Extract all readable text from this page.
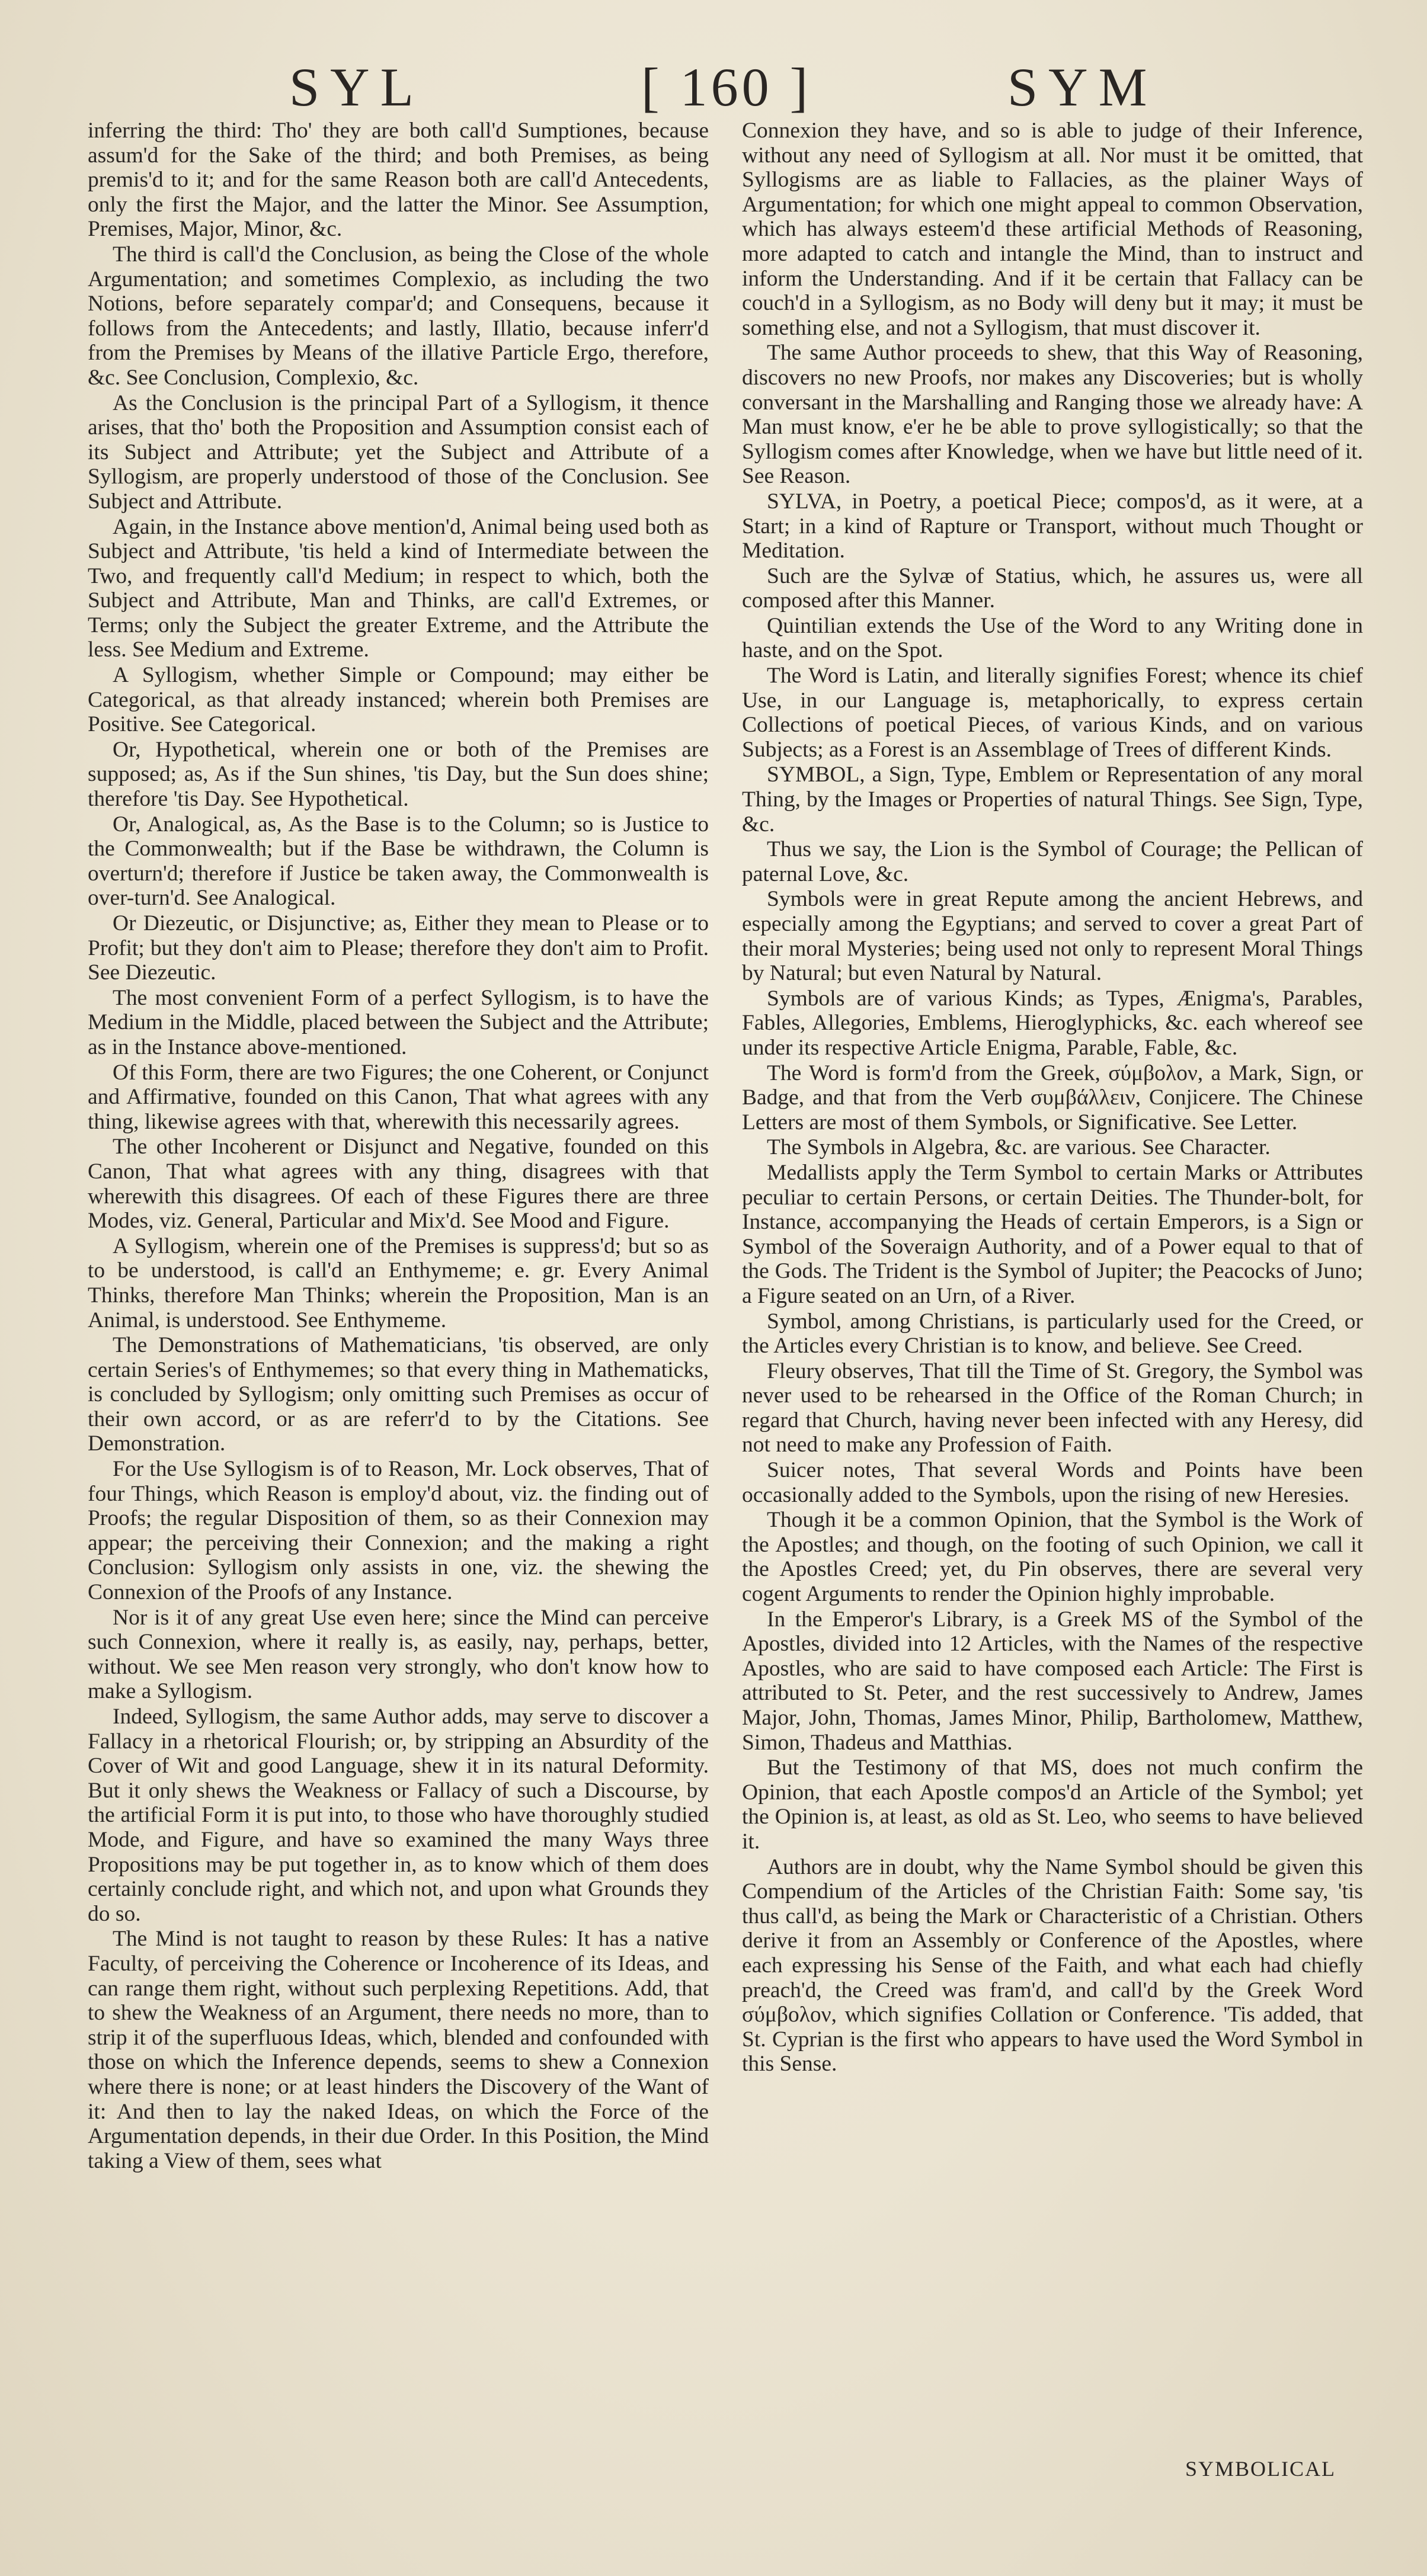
SYL	[ 160 ]	SYM

inferring the third: Tho' they are both call'd Sumptiones, because assum'd for the Sake of the third; and both Premises, as being premis'd to it; and for the same Reason both are call'd Antecedents, only the first the Major, and the latter the Minor. See Assumption, Premises, Major, Minor, &c.

The third is call'd the Conclusion, as being the Close of the whole Argumentation; and sometimes Complexio, as including the two Notions, before separately compar'd; and Consequens, because it follows from the Antecedents; and lastly, Illatio, because inferr'd from the Premises by Means of the illative Particle Ergo, therefore, &c. See Conclusion, Complexio, &c.

As the Conclusion is the principal Part of a Syllogism, it thence arises, that tho' both the Proposition and Assumption consist each of its Subject and Attribute; yet the Subject and Attribute of a Syllogism, are properly understood of those of the Conclusion. See Subject and Attribute.

Again, in the Instance above mention'd, Animal being used both as Subject and Attribute, 'tis held a kind of Intermediate between the Two, and frequently call'd Medium; in respect to which, both the Subject and Attribute, Man and Thinks, are call'd Extremes, or Terms; only the Subject the greater Extreme, and the Attribute the less. See Medium and Extreme.

A Syllogism, whether Simple or Compound; may either be Categorical, as that already instanced; wherein both Premises are Positive. See Categorical.

Or, Hypothetical, wherein one or both of the Premises are supposed; as, As if the Sun shines, 'tis Day, but the Sun does shine; therefore 'tis Day. See Hypothetical.

Or, Analogical, as, As the Base is to the Column; so is Justice to the Commonwealth; but if the Base be withdrawn, the Column is overturn'd; therefore if Justice be taken away, the Commonwealth is over-turn'd. See Analogical.

Or Diezeutic, or Disjunctive; as, Either they mean to Please or to Profit; but they don't aim to Please; therefore they don't aim to Profit. See Diezeutic.

The most convenient Form of a perfect Syllogism, is to have the Medium in the Middle, placed between the Subject and the Attribute; as in the Instance above-mentioned.

Of this Form, there are two Figures; the one Coherent, or Conjunct and Affirmative, founded on this Canon, That what agrees with any thing, likewise agrees with that, wherewith this necessarily agrees.

The other Incoherent or Disjunct and Negative, founded on this Canon, That what agrees with any thing, disagrees with that wherewith this disagrees. Of each of these Figures there are three Modes, viz. General, Particular and Mix'd. See Mood and Figure.

A Syllogism, wherein one of the Premises is suppress'd; but so as to be understood, is call'd an Enthymeme; e. gr. Every Animal Thinks, therefore Man Thinks; wherein the Proposition, Man is an Animal, is understood. See Enthymeme.

The Demonstrations of Mathematicians, 'tis observed, are only certain Series's of Enthymemes; so that every thing in Mathematicks, is concluded by Syllogism; only omitting such Premises as occur of their own accord, or as are referr'd to by the Citations. See Demonstration.

For the Use Syllogism is of to Reason, Mr. Lock observes, That of four Things, which Reason is employ'd about, viz. the finding out of Proofs; the regular Disposition of them, so as their Connexion may appear; the perceiving their Connexion; and the making a right Conclusion: Syllogism only assists in one, viz. the shewing the Connexion of the Proofs of any Instance.

Nor is it of any great Use even here; since the Mind can perceive such Connexion, where it really is, as easily, nay, perhaps, better, without. We see Men reason very strongly, who don't know how to make a Syllogism.

Indeed, Syllogism, the same Author adds, may serve to discover a Fallacy in a rhetorical Flourish; or, by stripping an Absurdity of the Cover of Wit and good Language, shew it in its natural Deformity. But it only shews the Weakness or Fallacy of such a Discourse, by the artificial Form it is put into, to those who have thoroughly studied Mode, and Figure, and have so examined the many Ways three Propositions may be put together in, as to know which of them does certainly conclude right, and which not, and upon what Grounds they do so.

The Mind is not taught to reason by these Rules: It has a native Faculty, of perceiving the Coherence or Incoherence of its Ideas, and can range them right, without such perplexing Repetitions. Add, that to shew the Weakness of an Argument, there needs no more, than to strip it of the superfluous Ideas, which, blended and confounded with those on which the Inference depends, seems to shew a Connexion where there is none; or at least hinders the Discovery of the Want of it: And then to lay the naked Ideas, on which the Force of the Argumentation depends, in their due Order. In this Position, the Mind taking a View of them, sees what

Connexion they have, and so is able to judge of their Inference, without any need of Syllogism at all. Nor must it be omitted, that Syllogisms are as liable to Fallacies, as the plainer Ways of Argumentation; for which one might appeal to common Observation, which has always esteem'd these artificial Methods of Reasoning, more adapted to catch and intangle the Mind, than to instruct and inform the Understanding. And if it be certain that Fallacy can be couch'd in a Syllogism, as no Body will deny but it may; it must be something else, and not a Syllogism, that must discover it.

The same Author proceeds to shew, that this Way of Reasoning, discovers no new Proofs, nor makes any Discoveries; but is wholly conversant in the Marshalling and Ranging those we already have: A Man must know, e'er he be able to prove syllogistically; so that the Syllogism comes after Knowledge, when we have but little need of it. See Reason.

SYLVA, in Poetry, a poetical Piece; compos'd, as it were, at a Start; in a kind of Rapture or Transport, without much Thought or Meditation.

Such are the Sylvæ of Statius, which, he assures us, were all composed after this Manner.

Quintilian extends the Use of the Word to any Writing done in haste, and on the Spot.

The Word is Latin, and literally signifies Forest; whence its chief Use, in our Language is, metaphorically, to express certain Collections of poetical Pieces, of various Kinds, and on various Subjects; as a Forest is an Assemblage of Trees of different Kinds.

SYMBOL, a Sign, Type, Emblem or Representation of any moral Thing, by the Images or Properties of natural Things. See Sign, Type, &c.

Thus we say, the Lion is the Symbol of Courage; the Pellican of paternal Love, &c.

Symbols were in great Repute among the ancient Hebrews, and especially among the Egyptians; and served to cover a great Part of their moral Mysteries; being used not only to represent Moral Things by Natural; but even Natural by Natural.

Symbols are of various Kinds; as Types, Ænigma's, Parables, Fables, Allegories, Emblems, Hieroglyphicks, &c. each whereof see under its respective Article Enigma, Parable, Fable, &c.

The Word is form'd from the Greek, σύμβολον, a Mark, Sign, or Badge, and that from the Verb συμβάλλειν, Conjicere. The Chinese Letters are most of them Symbols, or Significative. See Letter.

The Symbols in Algebra, &c. are various. See Character.

Medallists apply the Term Symbol to certain Marks or Attributes peculiar to certain Persons, or certain Deities. The Thunder-bolt, for Instance, accompanying the Heads of certain Emperors, is a Sign or Symbol of the Soveraign Authority, and of a Power equal to that of the Gods. The Trident is the Symbol of Jupiter; the Peacocks of Juno; a Figure seated on an Urn, of a River.

Symbol, among Christians, is particularly used for the Creed, or the Articles every Christian is to know, and believe. See Creed.

Fleury observes, That till the Time of St. Gregory, the Symbol was never used to be rehearsed in the Office of the Roman Church; in regard that Church, having never been infected with any Heresy, did not need to make any Profession of Faith.

Suicer notes, That several Words and Points have been occasionally added to the Symbols, upon the rising of new Heresies.

Though it be a common Opinion, that the Symbol is the Work of the Apostles; and though, on the footing of such Opinion, we call it the Apostles Creed; yet, du Pin observes, there are several very cogent Arguments to render the Opinion highly improbable.

In the Emperor's Library, is a Greek MS of the Symbol of the Apostles, divided into 12 Articles, with the Names of the respective Apostles, who are said to have composed each Article: The First is attributed to St. Peter, and the rest successively to Andrew, James Major, John, Thomas, James Minor, Philip, Bartholomew, Matthew, Simon, Thadeus and Matthias.

But the Testimony of that MS, does not much confirm the Opinion, that each Apostle compos'd an Article of the Symbol; yet the Opinion is, at least, as old as St. Leo, who seems to have believed it.

Authors are in doubt, why the Name Symbol should be given this Compendium of the Articles of the Christian Faith: Some say, 'tis thus call'd, as being the Mark or Characteristic of a Christian. Others derive it from an Assembly or Conference of the Apostles, where each expressing his Sense of the Faith, and what each had chiefly preach'd, the Creed was fram'd, and call'd by the Greek Word σύμβολον, which signifies Collation or Conference. 'Tis added, that St. Cyprian is the first who appears to have used the Word Symbol in this Sense.

SYMBOLICAL
